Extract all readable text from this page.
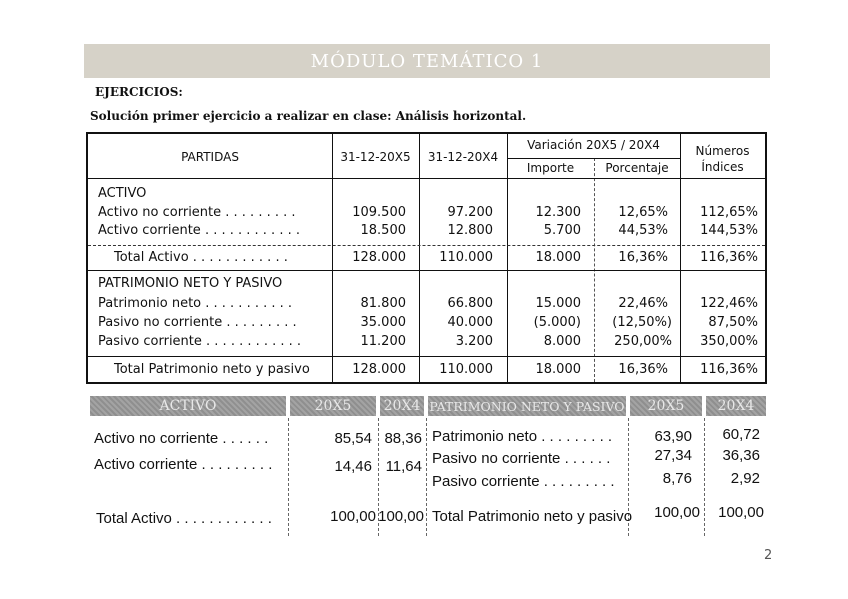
MÓDULO TEMÁTICO 1
EJERCICIOS:
Solución primer ejercicio a realizar en clase: Análisis horizontal.
PARTIDAS	31-12-20X5	31-12-20X4
Variación 20X5 / 20X4
Importe	Porcentaje
Números
Índices
ACTIVO
Activo no corriente . . . . . . . . .	109.500	97.200	12.300	12,65%	112,65%
Activo corriente . . . . . . . . . . . .	18.500	12.800	5.700	44,53%	144,53%
Total Activo . . . . . . . . . . . .	128.000	110.000	18.000	16,36%	116,36%
PATRIMONIO NETO Y PASIVO
Patrimonio neto . . . . . . . . . . .	81.800	66.800	15.000	22,46%	122,46%
Pasivo no corriente . . . . . . . . .	35.000	40.000	(5.000)	(12,50%)	87,50%
Pasivo corriente . . . . . . . . . . . .	11.200	3.200	8.000	250,00%	350,00%
Total Patrimonio neto y pasivo	128.000	110.000	18.000	16,36%	116,36%
ACTIVO	20X5	20X4 PATRIMONIO NETO Y PASIVO	20X5	20X4
Activo no corriente . . . . . .	85,54 88,36
Activo corriente . . . . . . . . .	14,46 11,64
Total Activo . . . . . . . . . . . .	100,00 100,00
Patrimonio neto . . . . . . . . .	63,90	60,72
Pasivo no corriente . . . . . .	27,34	36,36
Pasivo corriente . . . . . . . . .	8,76	2,92
Total Patrimonio neto y pasivo	100,00	100,00
2
